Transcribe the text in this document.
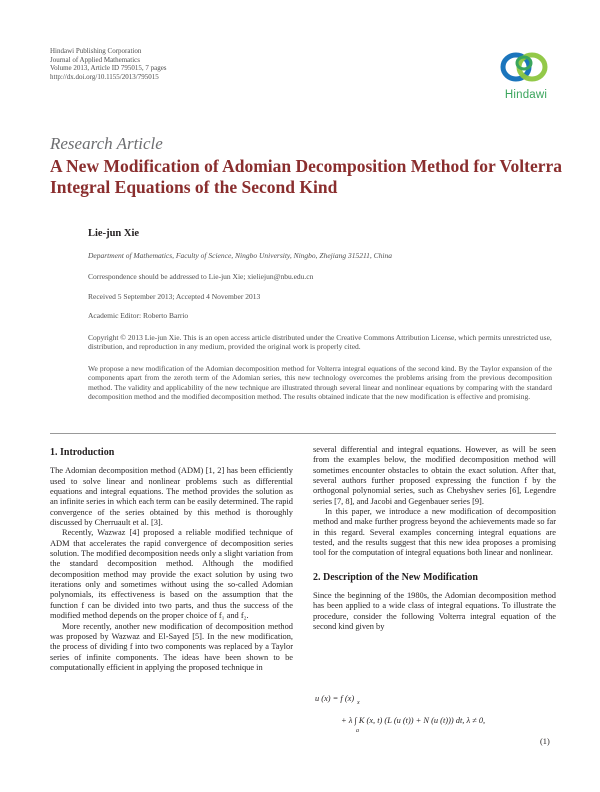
Hindawi Publishing Corporation
Journal of Applied Mathematics
Volume 2013, Article ID 795015, 7 pages
http://dx.doi.org/10.1155/2013/795015
Hindawi
Research Article
A New Modification of Adomian Decomposition Method for Volterra Integral Equations of the Second Kind
Lie-jun Xie
Department of Mathematics, Faculty of Science, Ningbo University, Ningbo, Zhejiang 315211, China
Correspondence should be addressed to Lie-jun Xie; xieliejun@nbu.edu.cn
Received 5 September 2013; Accepted 4 November 2013
Academic Editor: Roberto Barrio
Copyright © 2013 Lie-jun Xie. This is an open access article distributed under the Creative Commons Attribution License, which permits unrestricted use, distribution, and reproduction in any medium, provided the original work is properly cited.
We propose a new modification of the Adomian decomposition method for Volterra integral equations of the second kind. By the Taylor expansion of the components apart from the zeroth term of the Adomian series, this new technology overcomes the problems arising from the previous decomposition method. The validity and applicability of the new technique are illustrated through several linear and nonlinear equations by comparing with the standard decomposition method and the modified decomposition method. The results obtained indicate that the new modification is effective and promising.

1. Introduction

The Adomian decomposition method (ADM) [1, 2] has been efficiently used to solve linear and nonlinear problems such as differential equations and integral equations. The method provides the solution as an infinite series in which each term can be easily determined. The rapid convergence of the series obtained by this method is thoroughly discussed by Cherruault et al. [3].

Recently, Wazwaz [4] proposed a reliable modified technique of ADM that accelerates the rapid convergence of decomposition series solution. The modified decomposition needs only a slight variation from the standard decomposition method. Although the modified decomposition method may provide the exact solution by using two iterations only and sometimes without using the so-called Adomian polynomials, its effectiveness is based on the assumption that the function f can be divided into two parts, and thus the success of the modified method depends on the proper choice of f₁ and f₂.

More recently, another new modification of decomposition method was proposed by Wazwaz and El-Sayed [5]. In the new modification, the process of dividing f into two components was replaced by a Taylor series of infinite components. The ideas have been shown to be computationally efficient in applying the proposed technique in

several differential and integral equations. However, as will be seen from the examples below, the modified decomposition method will sometimes encounter obstacles to obtain the exact solution. After that, several authors further proposed expressing the function f by the orthogonal polynomial series, such as Chebyshev series [6], Legendre series [7, 8], and Jacobi and Gegenbauer series [9].

In this paper, we introduce a new modification of decomposition method and make further progress beyond the achievements made so far in this regard. Several examples concerning integral equations are tested, and the results suggest that this new idea proposes a promising tool for the computation of integral equations both linear and nonlinear.

2. Description of the New Modification

Since the beginning of the 1980s, the Adomian decomposition method has been applied to a wide class of integral equations. To illustrate the procedure, consider the following Volterra integral equation of the second kind given by

u (x) = f (x) x
+ λ ∫ K (x, t) (L (u (t)) + N (u (t))) dt, λ ≠ 0,
a
(1)
